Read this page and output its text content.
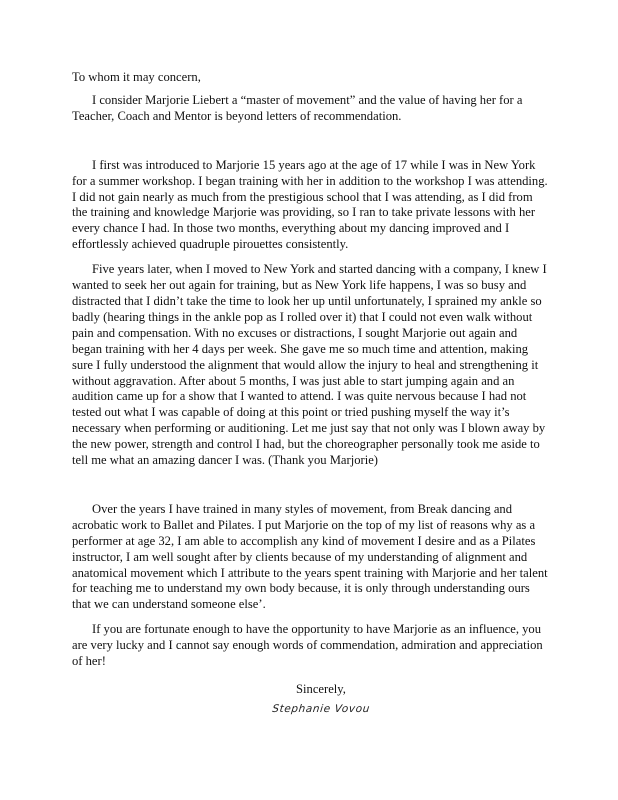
To whom it may concern,

I consider Marjorie Liebert a “master of movement” and the value of having her for a Teacher, Coach and Mentor is beyond letters of recommendation.

I first was introduced to Marjorie 15 years ago at the age of 17 while I was in New York for a summer workshop. I began training with her in addition to the workshop I was attending. I did not gain nearly as much from the prestigious school that I was attending, as I did from the training and knowledge Marjorie was providing, so I ran to take private lessons with her every chance I had. In those two months, everything about my dancing improved and I effortlessly achieved quadruple pirouettes consistently.

Five years later, when I moved to New York and started dancing with a company, I knew I wanted to seek her out again for training, but as New York life happens, I was so busy and distracted that I didn’t take the time to look her up until unfortunately, I sprained my ankle so badly (hearing things in the ankle pop as I rolled over it) that I could not even walk without pain and compensation. With no excuses or distractions, I sought Marjorie out again and began training with her 4 days per week. She gave me so much time and attention, making sure I fully understood the alignment that would allow the injury to heal and strengthening it without aggravation. After about 5 months, I was just able to start jumping again and an audition came up for a show that I wanted to attend. I was quite nervous because I had not tested out what I was capable of doing at this point or tried pushing myself the way it’s necessary when performing or auditioning. Let me just say that not only was I blown away by the new power, strength and control I had, but the choreographer personally took me aside to tell me what an amazing dancer I was. (Thank you Marjorie)

Over the years I have trained in many styles of movement, from Break dancing and acrobatic work to Ballet and Pilates. I put Marjorie on the top of my list of reasons why as a performer at age 32, I am able to accomplish any kind of movement I desire and as a Pilates instructor, I am well sought after by clients because of my understanding of alignment and anatomical movement which I attribute to the years spent training with Marjorie and her talent for teaching me to understand my own body because, it is only through understanding ours that we can understand someone else’.

If you are fortunate enough to have the opportunity to have Marjorie as an influence, you are very lucky and I cannot say enough words of commendation, admiration and appreciation of her!

Sincerely,

Stephanie Vovou
